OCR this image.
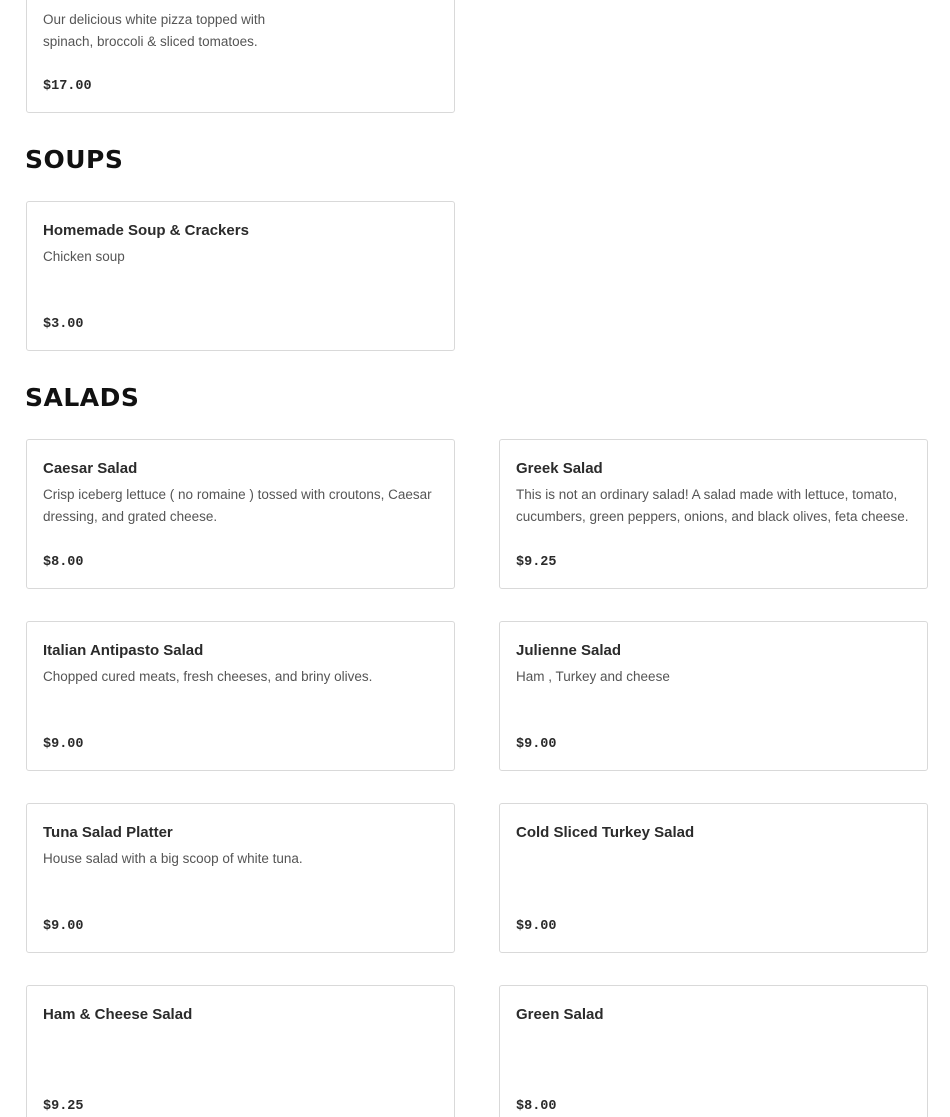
Our delicious white pizza topped with spinach, broccoli & sliced tomatoes.
$17.00
SOUPS
Homemade Soup & Crackers
Chicken soup
$3.00
SALADS
Caesar Salad
Crisp iceberg lettuce ( no romaine ) tossed with croutons, Caesar dressing, and grated cheese.
$8.00
Greek Salad
This is not an ordinary salad! A salad made with lettuce, tomato, cucumbers, green peppers, onions, and black olives, feta cheese.
$9.25
Italian Antipasto Salad
Chopped cured meats, fresh cheeses, and briny olives.
$9.00
Julienne Salad
Ham , Turkey and cheese
$9.00
Tuna Salad Platter
House salad with a big scoop of white tuna.
$9.00
Cold Sliced Turkey Salad
$9.00
Ham & Cheese Salad
$9.25
Green Salad
$8.00
